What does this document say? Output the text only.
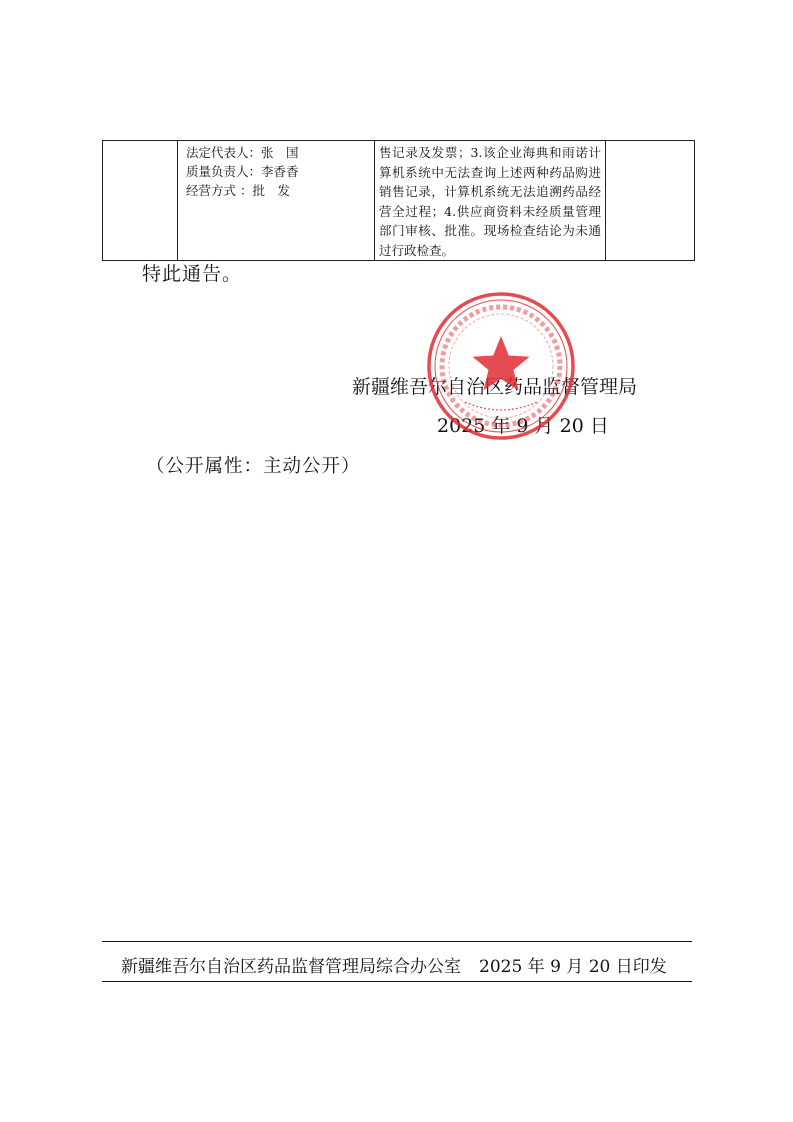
法定代表人：张　国
质量负责人：李香香
经营方式 ：批　发

售记录及发票；3.该企业海典和雨诺计算机系统中无法查询上述两种药品购进销售记录，计算机系统无法追溯药品经营全过程；4.供应商资料未经质量管理部门审核、批准。现场检查结论为未通过行政检查。

特此通告。
新疆维吾尔自治区药品监督管理局
2025 年 9 月 20 日
（公开属性：主动公开）
新疆维吾尔自治区药品监督管理局综合办公室 2025 年 9 月 20 日印发
